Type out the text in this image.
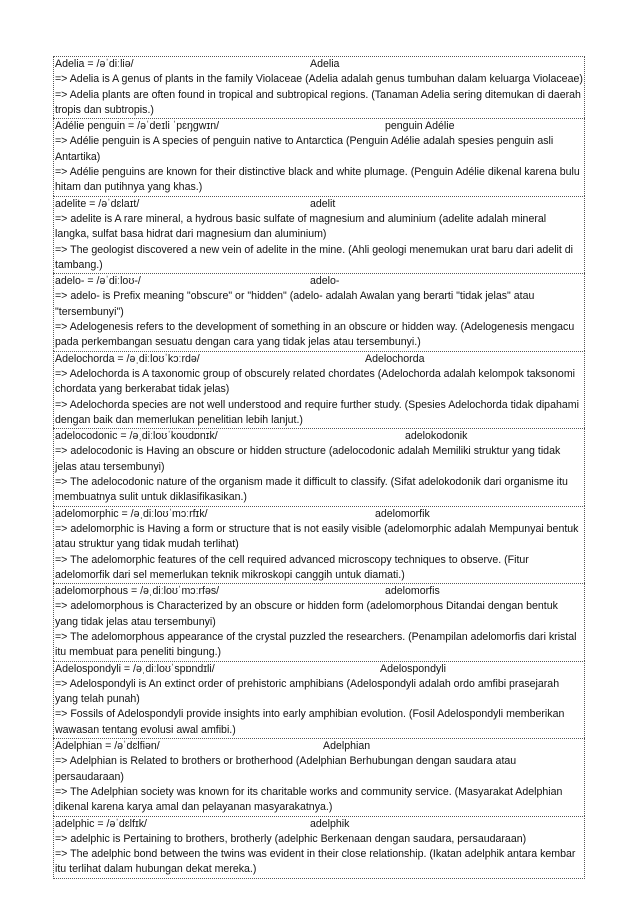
Adelia = /əˈdiːliə/	Adelia
=> Adelia is A genus of plants in the family Violaceae (Adelia adalah genus tumbuhan dalam keluarga Violaceae)
=> Adelia plants are often found in tropical and subtropical regions. (Tanaman Adelia sering ditemukan di daerah tropis dan subtropis.)
Adélie penguin = /əˈdeɪli ˈpɛŋɡwɪn/	penguin Adélie
=> Adélie penguin is A species of penguin native to Antarctica (Penguin Adélie adalah spesies penguin asli Antartika)
=> Adélie penguins are known for their distinctive black and white plumage. (Penguin Adélie dikenal karena bulu hitam dan putihnya yang khas.)
adelite = /əˈdɛlaɪt/	adelit
=> adelite is A rare mineral, a hydrous basic sulfate of magnesium and aluminium (adelite adalah mineral langka, sulfat basa hidrat dari magnesium dan aluminium)
=> The geologist discovered a new vein of adelite in the mine. (Ahli geologi menemukan urat baru dari adelit di tambang.)
adelo- = /əˈdiːloʊ-/	adelo-
=> adelo- is Prefix meaning "obscure" or "hidden" (adelo- adalah Awalan yang berarti "tidak jelas" atau "tersembunyi")
=> Adelogenesis refers to the development of something in an obscure or hidden way. (Adelogenesis mengacu pada perkembangan sesuatu dengan cara yang tidak jelas atau tersembunyi.)
Adelochorda = /əˌdiːloʊˈkɔːrdə/	Adelochorda
=> Adelochorda is A taxonomic group of obscurely related chordates (Adelochorda adalah kelompok taksonomi chordata yang berkerabat tidak jelas)
=> Adelochorda species are not well understood and require further study. (Spesies Adelochorda tidak dipahami dengan baik dan memerlukan penelitian lebih lanjut.)
adelocodonic = /əˌdiːloʊˈkoʊdɒnɪk/	adelokodonik
=> adelocodonic is Having an obscure or hidden structure (adelocodonic adalah Memiliki struktur yang tidak jelas atau tersembunyi)
=> The adelocodonic nature of the organism made it difficult to classify. (Sifat adelokodonik dari organisme itu membuatnya sulit untuk diklasifikasikan.)
adelomorphic = /əˌdiːloʊˈmɔːrfɪk/	adelomorfik
=> adelomorphic is Having a form or structure that is not easily visible (adelomorphic adalah Mempunyai bentuk atau struktur yang tidak mudah terlihat)
=> The adelomorphic features of the cell required advanced microscopy techniques to observe. (Fitur adelomorfik dari sel memerlukan teknik mikroskopi canggih untuk diamati.)
adelomorphous = /əˌdiːloʊˈmɔːrfəs/	adelomorfis
=> adelomorphous is Characterized by an obscure or hidden form (adelomorphous Ditandai dengan bentuk yang tidak jelas atau tersembunyi)
=> The adelomorphous appearance of the crystal puzzled the researchers. (Penampilan adelomorfis dari kristal itu membuat para peneliti bingung.)
Adelospondyli = /əˌdiːloʊˈspɒndɪli/	Adelospondyli
=> Adelospondyli is An extinct order of prehistoric amphibians (Adelospondyli adalah ordo amfibi prasejarah yang telah punah)
=> Fossils of Adelospondyli provide insights into early amphibian evolution. (Fosil Adelospondyli memberikan wawasan tentang evolusi awal amfibi.)
Adelphian = /əˈdɛlfiən/	Adelphian
=> Adelphian is Related to brothers or brotherhood (Adelphian Berhubungan dengan saudara atau persaudaraan)
=> The Adelphian society was known for its charitable works and community service. (Masyarakat Adelphian dikenal karena karya amal dan pelayanan masyarakatnya.)
adelphic = /əˈdɛlfɪk/	adelphik
=> adelphic is Pertaining to brothers, brotherly (adelphic Berkenaan dengan saudara, persaudaraan)
=> The adelphic bond between the twins was evident in their close relationship. (Ikatan adelphik antara kembar itu terlihat dalam hubungan dekat mereka.)
